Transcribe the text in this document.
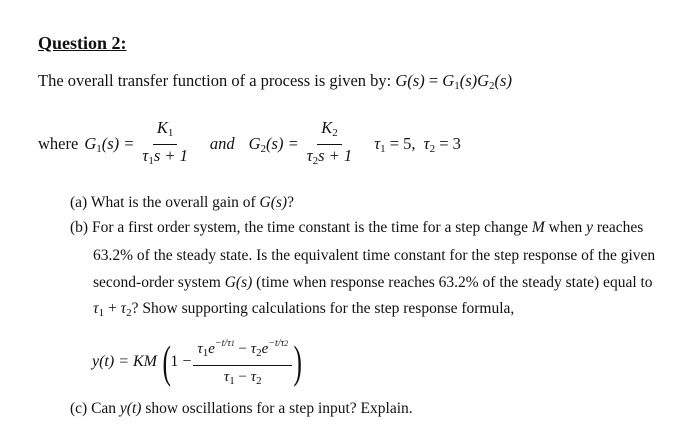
Question 2:
The overall transfer function of a process is given by: $G(s) = G_1(s)G_2(s)$
where $G_1(s) = \frac{K_1}{\tau_1s + 1}$ and $G_2(s) = \frac{K_2}{\tau_2s + 1} \tau_1 = 5$, $\tau_2 = 3$
(a) What is the overall gain of G(s)?
(b) For a first order system, the time constant is the time for a step change M when y reaches
63.2% of the steady state. Is the equivalent time constant for the step response of the given
second-order system G(s) (time when response reaches 63.2% of the steady state) equal to
$\tau_1 + \tau_2$? Show supporting calculations for the step response formula,
y(t) = KM ( $1 - \frac{\tau_1e^{-t/\tau 1} - \tau_2e^{-t/\tau 2}}{\tau_1 - \tau_2}$ )
(c) Can y(t) show oscillations for a step input? Explain.
